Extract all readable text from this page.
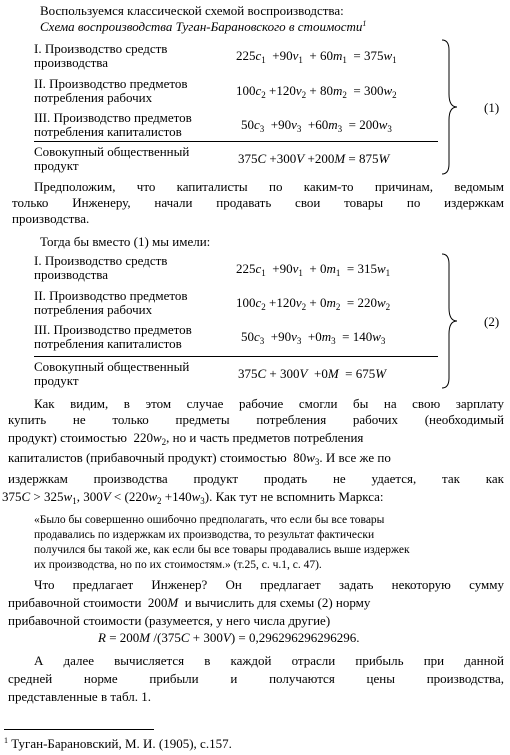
Воспользуемся классической схемой воспроизводства:
Схема воспроизводства Туган-Барановского в стоимости$^1$
I. Производство средств
производства	$225c_1 +90v_1 + 60m_1 = 375w_1$
II. Производство предметов
потребления рабочих	$100c_2 +120v_2 + 80m_2 = 300w_2$
III. Производство предметов
потребления капиталистов	$50c_3 +90v_3 +60m_3 = 200w_3$
Совокупный общественный
продукт	375C +300V +200M = 875W
(1)
Предположим, что капиталисты по каким-то причинам, ведомым
только Инженеру, начали продавать свои товары по издержкам
производства.
Тогда бы вместо (1) мы имели:
I. Производство средств
производства	$225c_1 +90v_1 + 0m_1 = 315w_1$
II. Производство предметов
потребления рабочих	$100c_2 +120v_2 + 0m_2 = 220w_2$
III. Производство предметов
потребления капиталистов	$50c_3 +90v_3 +0m_3 = 140w_3$
Совокупный общественный
продукт	375C + 300V  +0M  = 675W
(2)
Как видим, в этом случае рабочие смогли бы на свою зарплату
купить не только предметы потребления рабочих (необходимый
продукт) стоимостью $220w_2$, но и часть предметов потребления
капиталистов (прибавочный продукт) стоимостью $80w_3$. И все же по
издержкам производства продукт продать не удается, так как
$375C > 325w_1$, $300V < (220w_2 +140w_3)$. Как тут не вспомнить Маркса:
«Было бы совершенно ошибочно предполагать, что если бы все товары
продавались по издержкам их производства, то результат фактически
получился бы такой же, как если бы все товары продавались выше издержек
их производства, но по их стоимостям.» (т.25, с. ч.1, с. 47).
Что предлагает Инженер? Он предлагает задать некоторую сумму
прибавочной стоимости 200M и вычислить для схемы (2) норму
прибавочной стоимости (разумеется, у него числа другие)
R = 200M /(375C + 300V) = 0,296296296296296.
А далее вычисляется в каждой отрасли прибыль при данной
средней норме прибыли и получаются цены производства,
представленные в табл. 1.
$^1$ Туган-Барановский, М. И. (1905), с.157.
